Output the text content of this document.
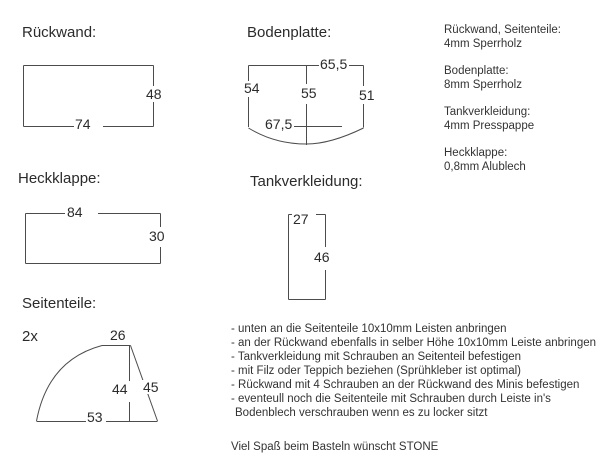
Rückwand:	Bodenplatte:
Heckklappe:	Tankverkleidung:
Seitenteile:
2x
48
74
65,5
54	55	51
67,5
84
30
27
46
26
44 45
53
Rückwand, Seitenteile:
4mm Sperrholz
Bodenplatte:
8mm Sperrholz
Tankverkleidung:
4mm Presspappe
Heckklappe:
0,8mm Alublech
- unten an die Seitenteile 10x10mm Leisten anbringen
- an der Rückwand ebenfalls in selber Höhe 10x10mm Leiste anbringen
- Tankverkleidung mit Schrauben an Seitenteil befestigen
- mit Filz oder Teppich beziehen (Sprühkleber ist optimal)
- Rückwand mit 4 Schrauben an der Rückwand des Minis befestigen
- eventeull noch die Seitenteile mit Schrauben durch Leiste in's
Bodenblech verschrauben wenn es zu locker sitzt
Viel Spaß beim Basteln wünscht STONE
